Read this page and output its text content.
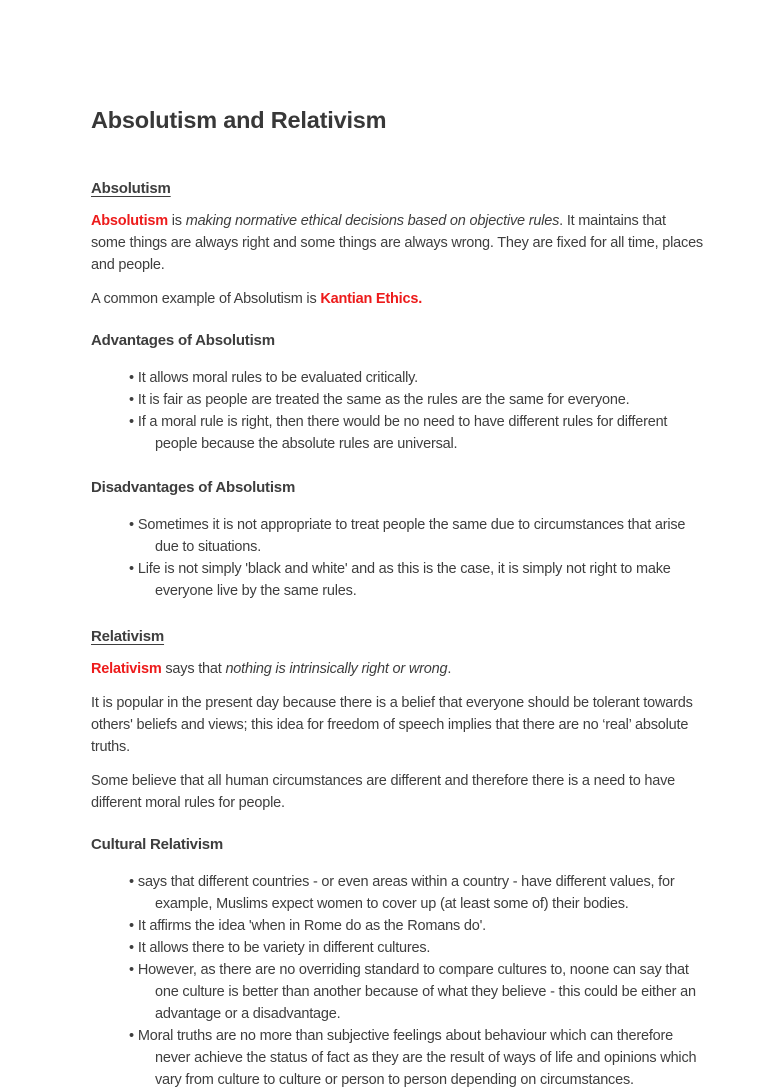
Absolutism and Relativism
Absolutism

Absolutism is making normative ethical decisions based on objective rules. It maintains that some things are always right and some things are always wrong. They are fixed for all time, places and people.

A common example of Absolutism is Kantian Ethics.

Advantages of Absolutism
• It allows moral rules to be evaluated critically.
• It is fair as people are treated the same as the rules are the same for everyone.
• If a moral rule is right, then there would be no need to have different rules for different people because the absolute rules are universal.
Disadvantages of Absolutism
• Sometimes it is not appropriate to treat people the same due to circumstances that arise due to situations.
• Life is not simply 'black and white' and as this is the case, it is simply not right to make everyone live by the same rules.
Relativism

Relativism says that nothing is intrinsically right or wrong.

It is popular in the present day because there is a belief that everyone should be tolerant towards others' beliefs and views; this idea for freedom of speech implies that there are no ‘real’ absolute truths.

Some believe that all human circumstances are different and therefore there is a need to have different moral rules for people.

Cultural Relativism
• says that different countries - or even areas within a country - have different values, for example, Muslims expect women to cover up (at least some of) their bodies.
• It affirms the idea 'when in Rome do as the Romans do'.
• It allows there to be variety in different cultures.
• However, as there are no overriding standard to compare cultures to, noone can say that one culture is better than another because of what they believe - this could be either an advantage or a disadvantage.
• Moral truths are no more than subjective feelings about behaviour which can therefore never achieve the status of fact as they are the result of ways of life and opinions which vary from culture to culture or person to person depending on circumstances.
